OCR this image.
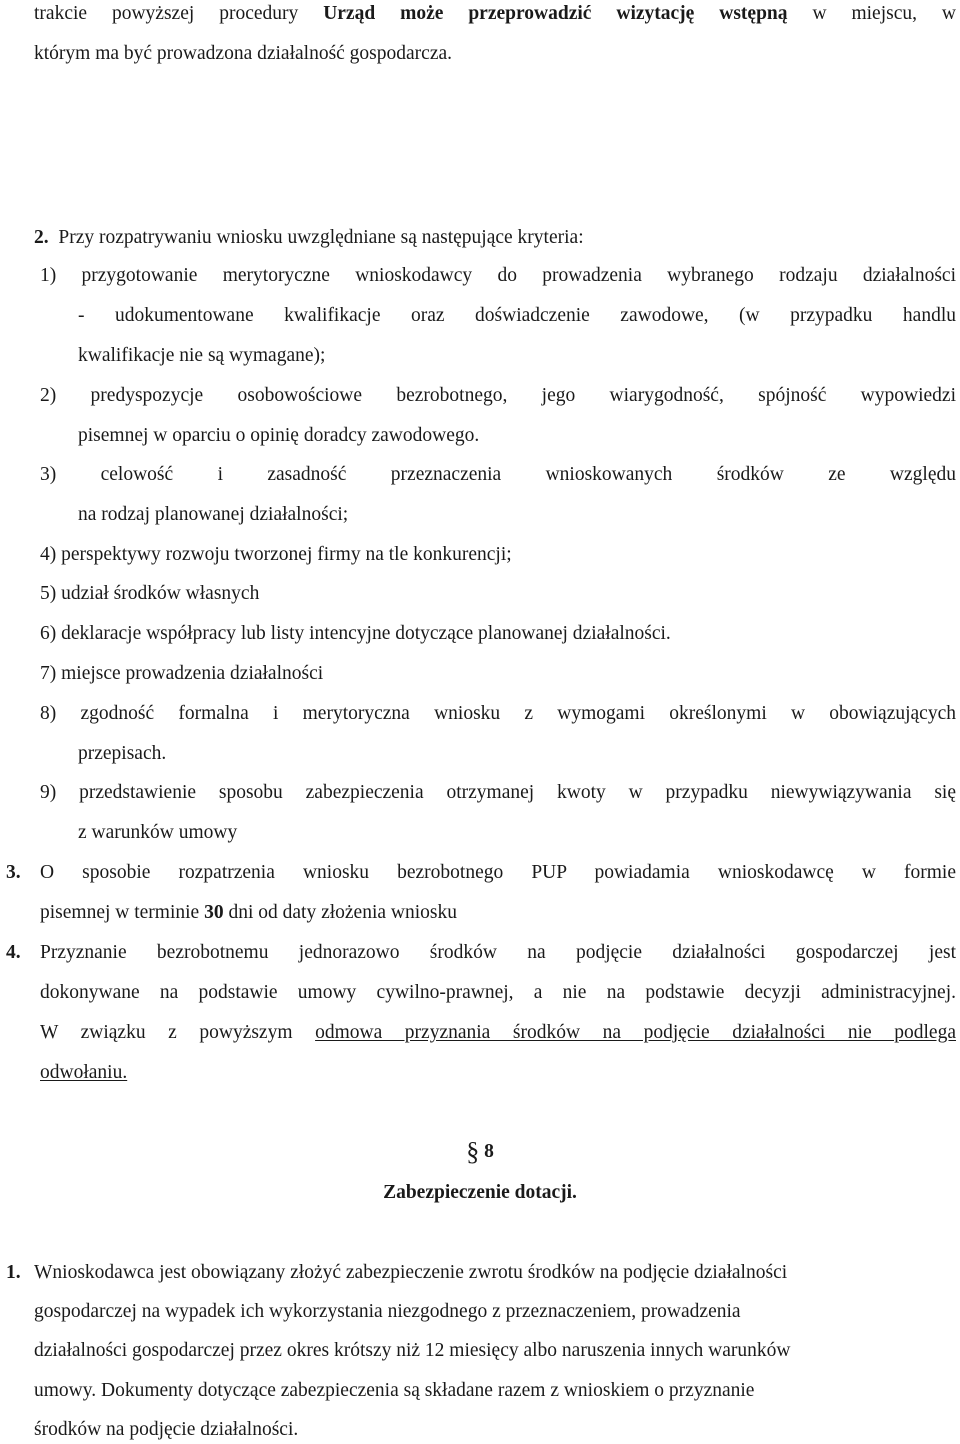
trakcie powyższej procedury Urząd może przeprowadzić wizytację wstępną w miejscu, w
którym ma być prowadzona działalność gospodarcza.
2. Przy rozpatrywaniu wniosku uwzględniane są następujące kryteria:
1) przygotowanie merytoryczne wnioskodawcy do prowadzenia wybranego rodzaju działalności
- udokumentowane kwalifikacje oraz doświadczenie zawodowe, (w przypadku handlu
kwalifikacje nie są wymagane);
2) predyspozycje osobowościowe bezrobotnego, jego wiarygodność, spójność wypowiedzi
pisemnej w oparciu o opinię doradcy zawodowego.
3) celowość i zasadność przeznaczenia wnioskowanych środków ze względu
na rodzaj planowanej działalności;
4) perspektywy rozwoju tworzonej firmy na tle konkurencji;
5) udział środków własnych
6) deklaracje współpracy lub listy intencyjne dotyczące planowanej działalności.
7) miejsce prowadzenia działalności
8) zgodność formalna i merytoryczna wniosku z wymogami określonymi w obowiązujących
przepisach.
9) przedstawienie sposobu zabezpieczenia otrzymanej kwoty w przypadku niewywiązywania się
z warunków umowy
3. O sposobie rozpatrzenia wniosku bezrobotnego PUP powiadamia wnioskodawcę w formie
pisemnej w terminie 30 dni od daty złożenia wniosku
4. Przyznanie bezrobotnemu jednorazowo środków na podjęcie działalności gospodarczej jest
dokonywane na podstawie umowy cywilno-prawnej, a nie na podstawie decyzji administracyjnej.
W związku z powyższym odmowa przyznania środków na podjęcie działalności nie podlega
odwołaniu.
§ 8
Zabezpieczenie dotacji.
1. Wnioskodawca jest obowiązany złożyć zabezpieczenie zwrotu środków na podjęcie działalności
gospodarczej na wypadek ich wykorzystania niezgodnego z przeznaczeniem, prowadzenia
działalności gospodarczej przez okres krótszy niż 12 miesięcy albo naruszenia innych warunków
umowy. Dokumenty dotyczące zabezpieczenia są składane razem z wnioskiem o przyznanie
środków na podjęcie działalności.
